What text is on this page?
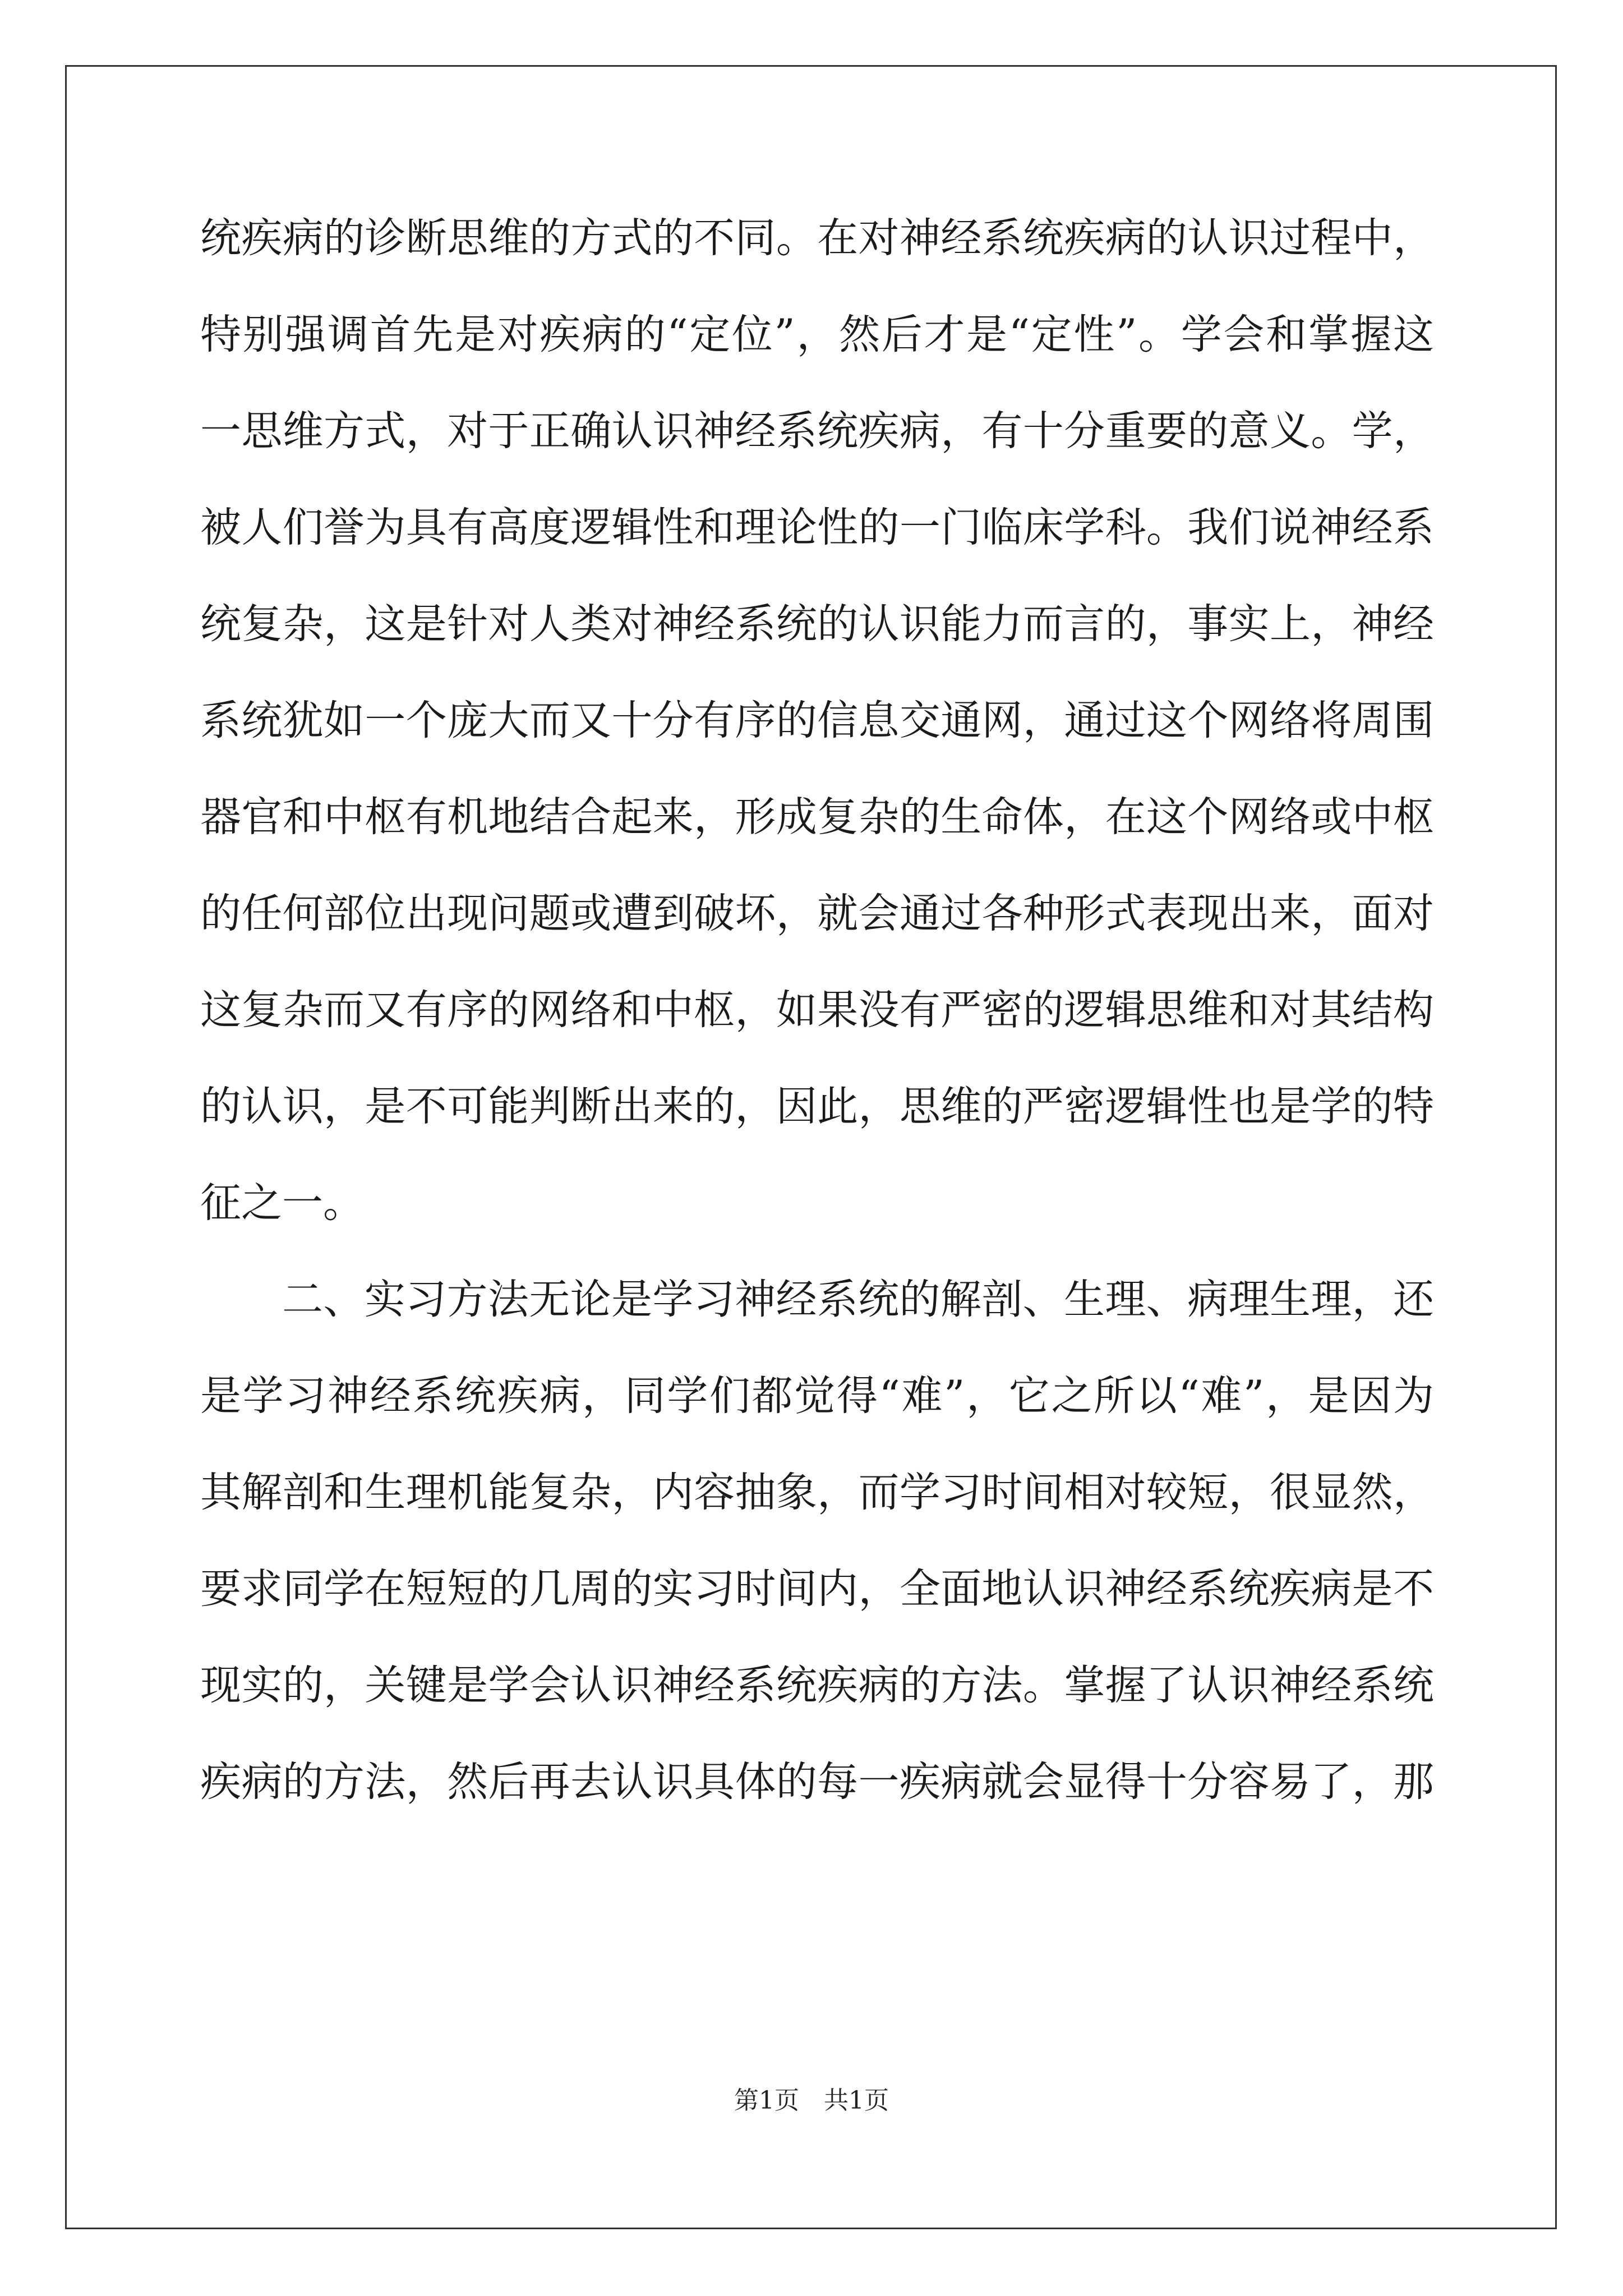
统疾病的诊断思维的方式的不同。在对神经系统疾病的认识过程中，
特别强调首先是对疾病的“定位”，然后才是“定性”。学会和掌握这
一思维方式，对于正确认识神经系统疾病，有十分重要的意义。学，
被人们誉为具有高度逻辑性和理论性的一门临床学科。我们说神经系
统复杂，这是针对人类对神经系统的认识能力而言的，事实上，神经
系统犹如一个庞大而又十分有序的信息交通网，通过这个网络将周围
器官和中枢有机地结合起来，形成复杂的生命体，在这个网络或中枢
的任何部位出现问题或遭到破坏，就会通过各种形式表现出来，面对
这复杂而又有序的网络和中枢，如果没有严密的逻辑思维和对其结构
的认识，是不可能判断出来的，因此，思维的严密逻辑性也是学的特
征之一。
二、实习方法无论是学习神经系统的解剖、生理、病理生理，还
是学习神经系统疾病，同学们都觉得“难”，它之所以“难”，是因为
其解剖和生理机能复杂，内容抽象，而学习时间相对较短，很显然，
要求同学在短短的几周的实习时间内，全面地认识神经系统疾病是不
现实的，关键是学会认识神经系统疾病的方法。掌握了认识神经系统
疾病的方法，然后再去认识具体的每一疾病就会显得十分容易了，那
第1页 共1页
